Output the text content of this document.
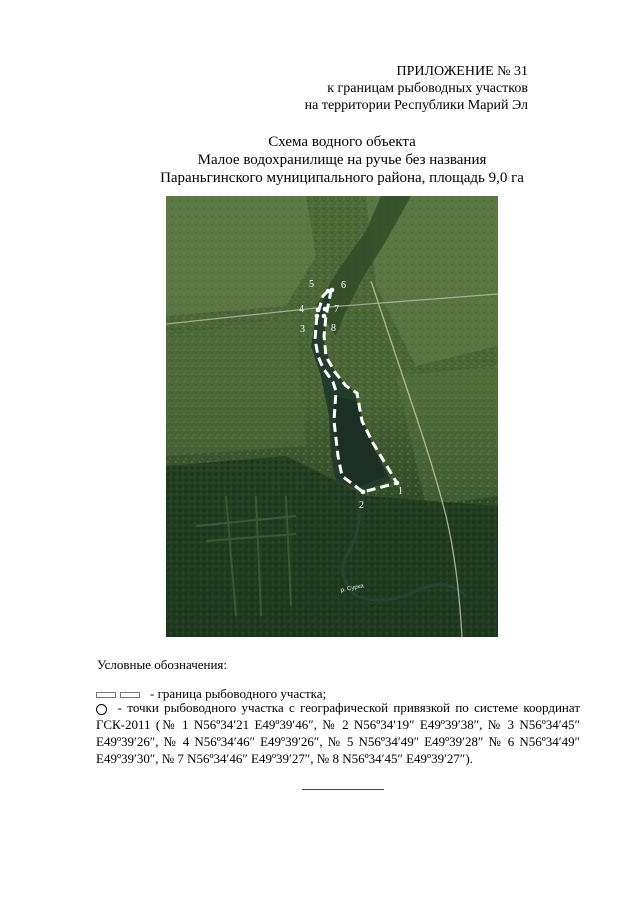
ПРИЛОЖЕНИЕ № 31
к границам рыбоводных участков
на территории Республики Марий Эл
Схема водного объекта
Малое водохранилище на ручье без названия
Параньгинского муниципального района, площадь 9,0 га
1
2
3
4
5	6
7
8
р. Сурка
Условные обозначения:
- граница рыбоводного участка;
- точки рыбоводного участка с географической привязкой по системе координат ГСК-2011 (№ 1 N56º34′21 E49º39′46″, № 2 N56º34′19″ E49º39′38″, № 3 N56º34′45″ E49º39′26″, № 4 N56º34′46″ E49º39′26″, № 5 N56º34′49″ E49º39′28″ № 6 N56º34′49″ E49º39′30″, № 7 N56º34′46″ E49º39′27″, № 8 N56º34′45″ E49º39′27″).
